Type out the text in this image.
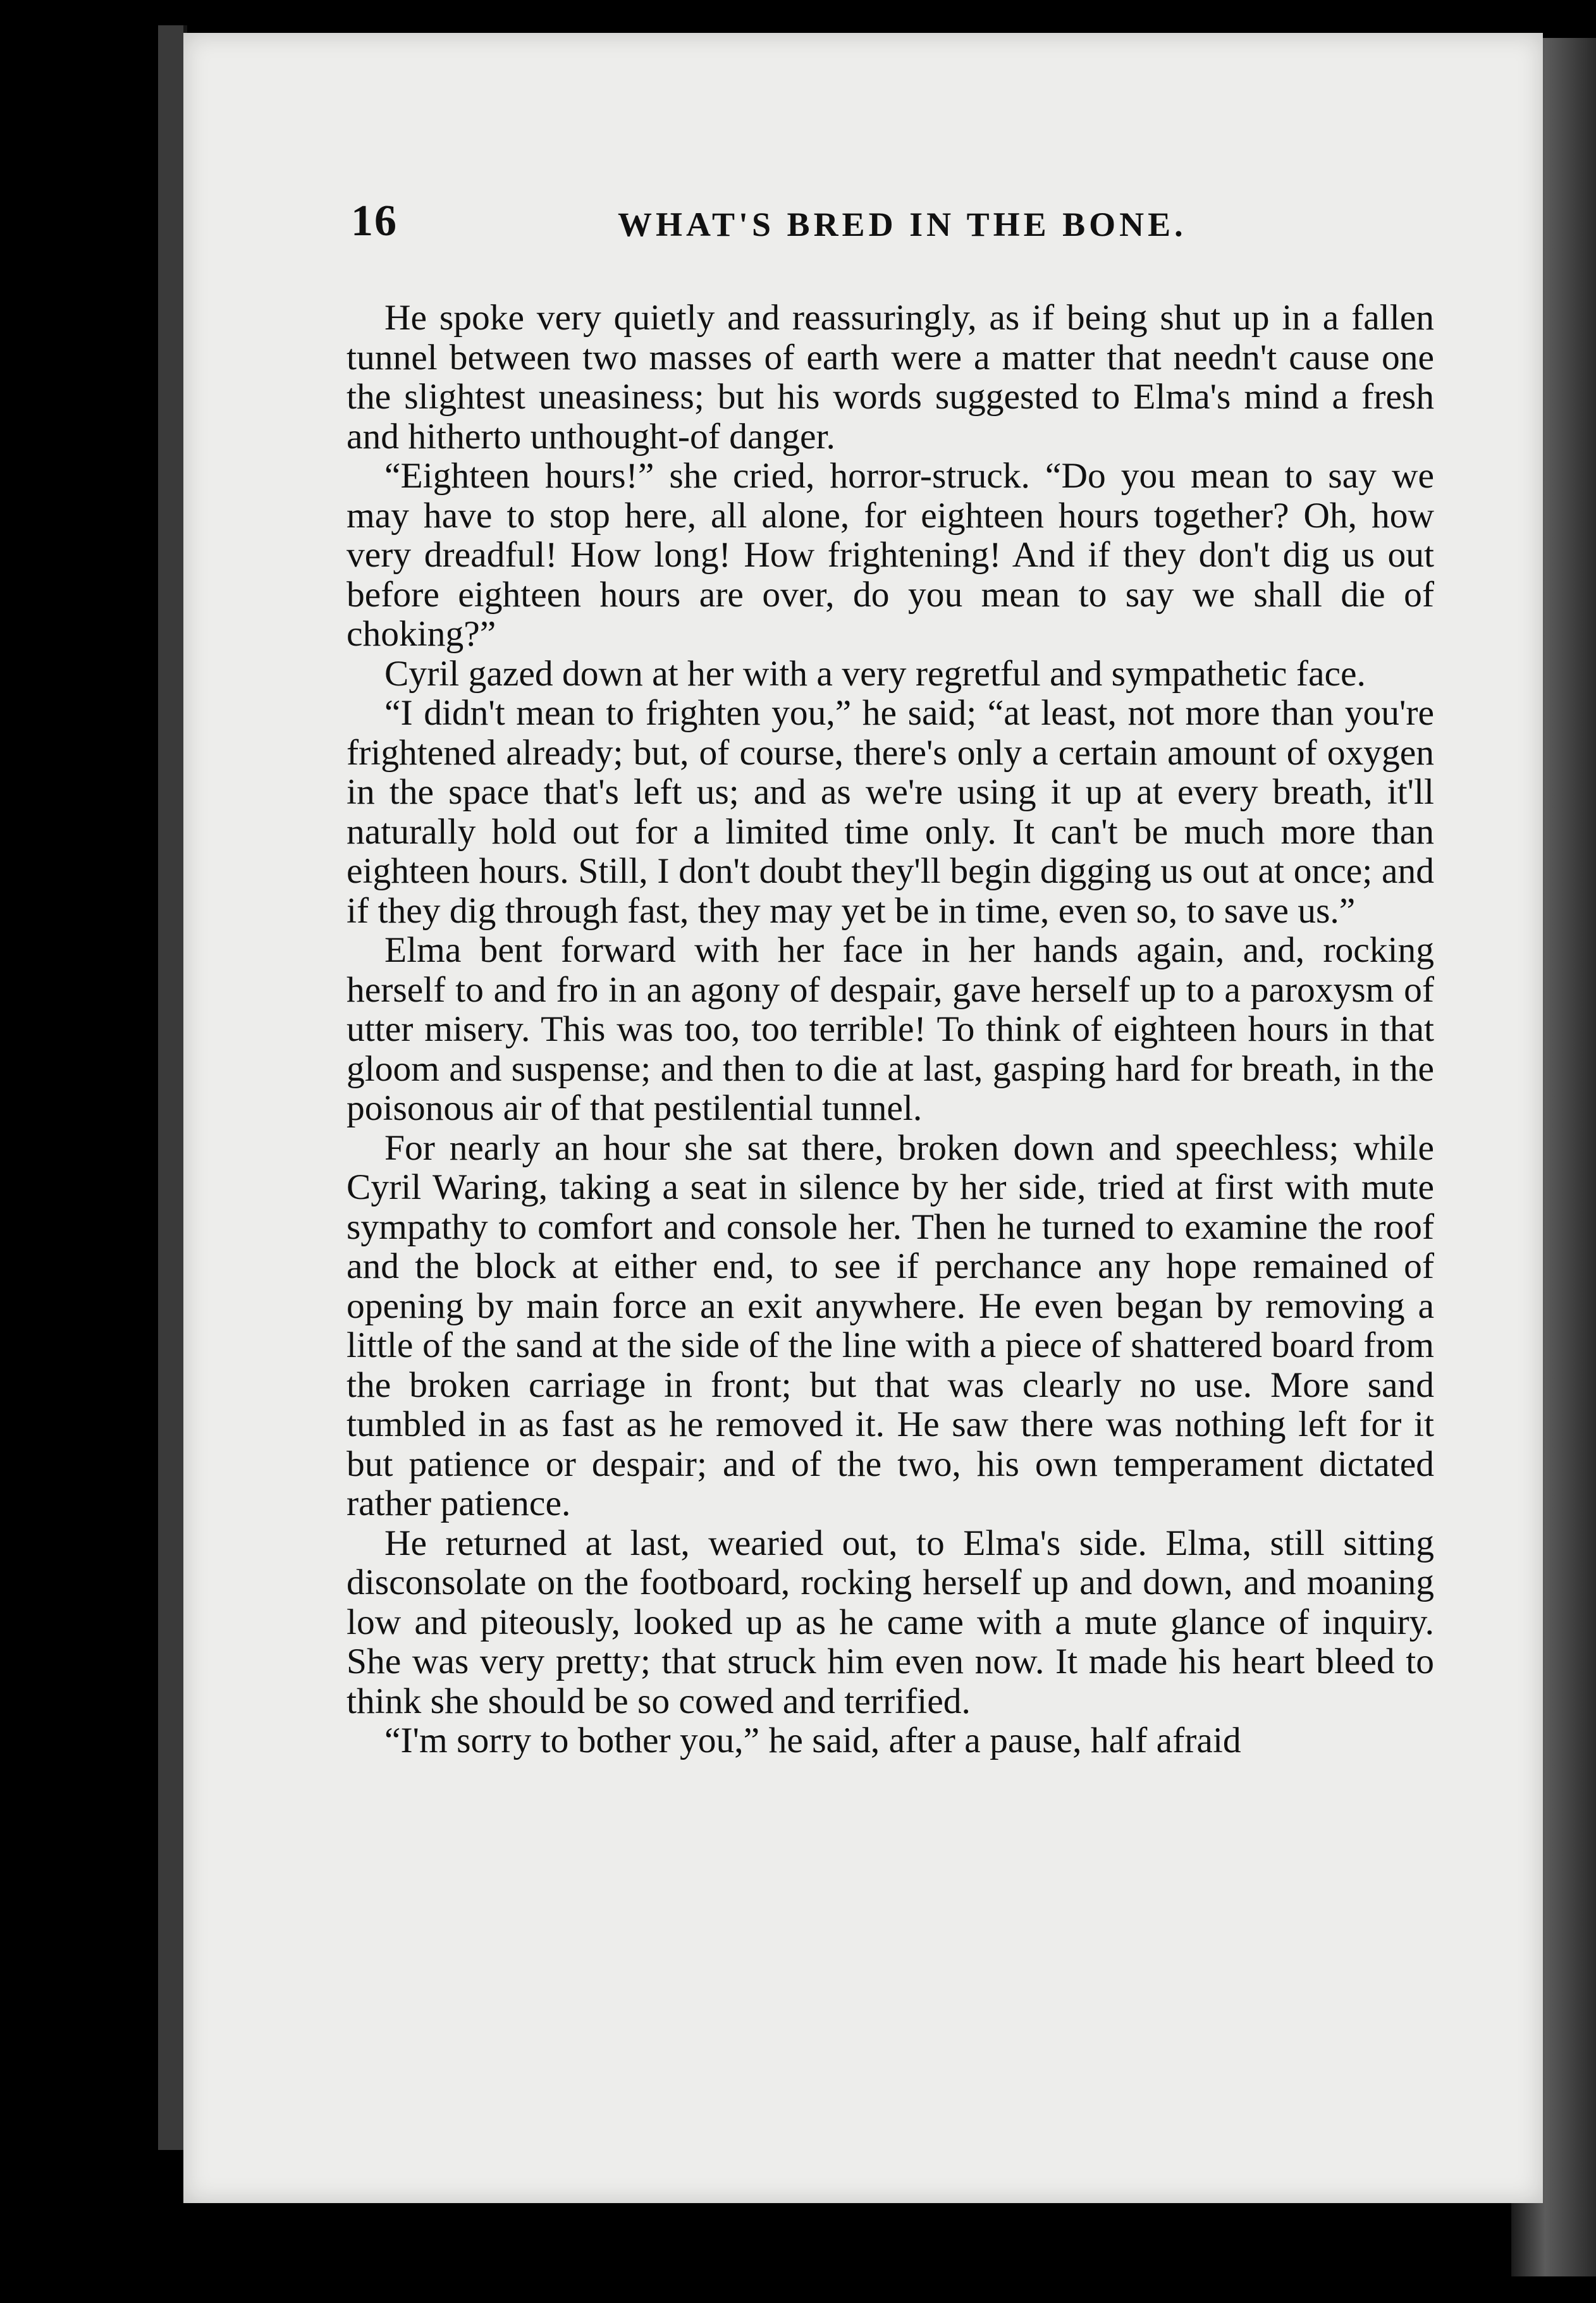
16	WHAT'S BRED IN THE BONE.

He spoke very quietly and reassuringly, as if being shut up in a fallen tunnel between two masses of earth were a matter that needn't cause one the slightest uneasiness; but his words suggested to Elma's mind a fresh and hitherto unthought-of danger.

“Eighteen hours!” she cried, horror-struck. “Do you mean to say we may have to stop here, all alone, for eighteen hours together? Oh, how very dreadful! How long! How frightening! And if they don't dig us out before eighteen hours are over, do you mean to say we shall die of choking?”

Cyril gazed down at her with a very regretful and sympathetic face.

“I didn't mean to frighten you,” he said; “at least, not more than you're frightened already; but, of course, there's only a certain amount of oxygen in the space that's left us; and as we're using it up at every breath, it'll naturally hold out for a limited time only. It can't be much more than eighteen hours. Still, I don't doubt they'll begin digging us out at once; and if they dig through fast, they may yet be in time, even so, to save us.”

Elma bent forward with her face in her hands again, and, rocking herself to and fro in an agony of despair, gave herself up to a paroxysm of utter misery. This was too, too terrible! To think of eighteen hours in that gloom and suspense; and then to die at last, gasping hard for breath, in the poisonous air of that pestilential tunnel.

For nearly an hour she sat there, broken down and speechless; while Cyril Waring, taking a seat in silence by her side, tried at first with mute sympathy to comfort and console her. Then he turned to examine the roof and the block at either end, to see if perchance any hope remained of opening by main force an exit anywhere. He even began by removing a little of the sand at the side of the line with a piece of shattered board from the broken carriage in front; but that was clearly no use. More sand tumbled in as fast as he removed it. He saw there was nothing left for it but patience or despair; and of the two, his own temperament dictated rather patience.

He returned at last, wearied out, to Elma's side. Elma, still sitting disconsolate on the footboard, rocking herself up and down, and moaning low and piteously, looked up as he came with a mute glance of inquiry. She was very pretty; that struck him even now. It made his heart bleed to think she should be so cowed and terrified.

“I'm sorry to bother you,” he said, after a pause, half afraid
